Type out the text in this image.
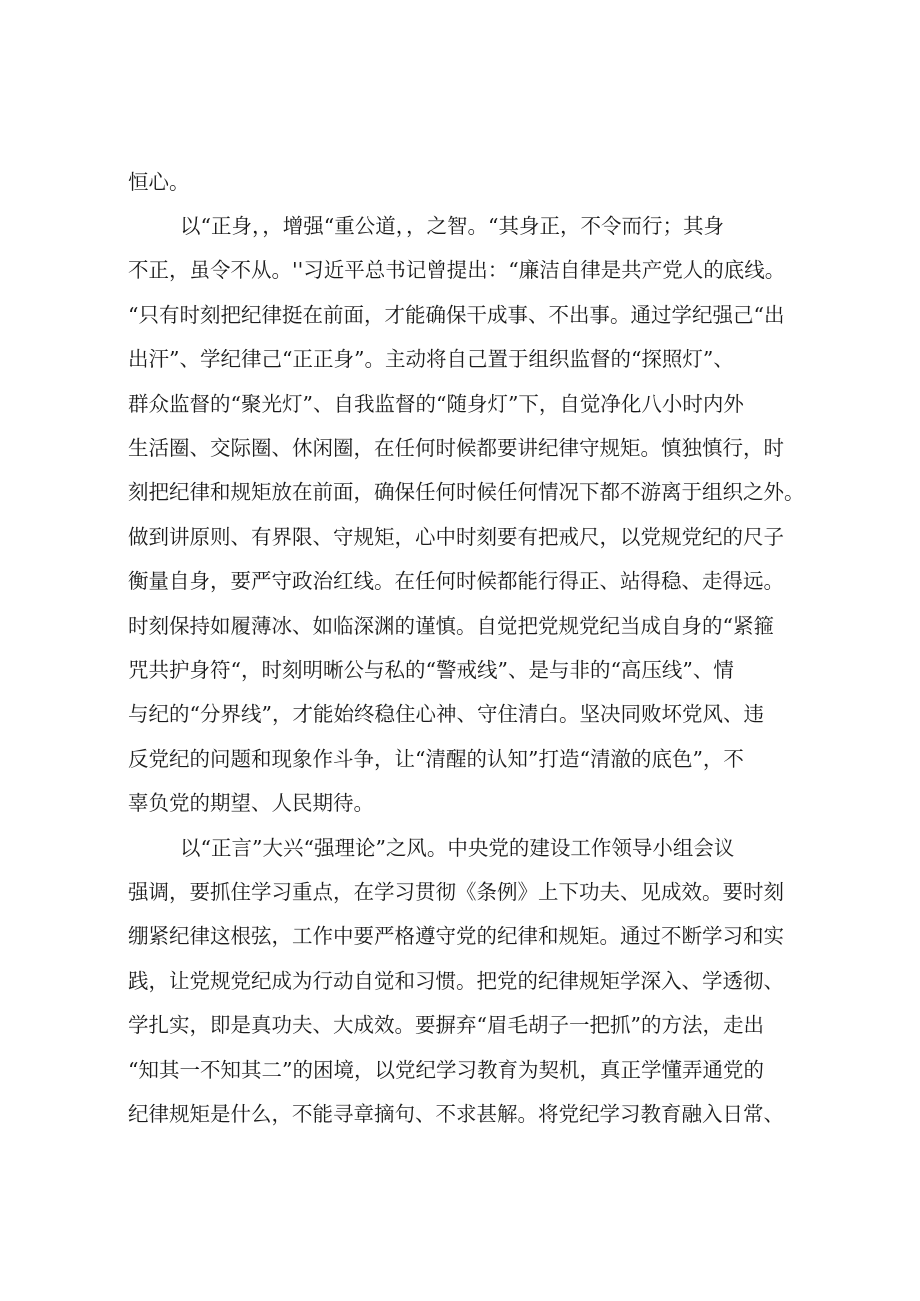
恒心。
以“正身，，增强“重公道，，之智。“其身正，不令而行；其身
不正，虽令不从。''习近平总书记曾提出：“廉洁自律是共产党人的底线。
“只有时刻把纪律挺在前面，才能确保干成事、不出事。通过学纪强己“出
出汗”、学纪律己“正正身”。主动将自己置于组织监督的“探照灯”、
群众监督的“聚光灯”、自我监督的“随身灯”下，自觉净化八小时内外
生活圈、交际圈、休闲圈，在任何时候都要讲纪律守规矩。慎独慎行，时
刻把纪律和规矩放在前面，确保任何时候任何情况下都不游离于组织之外。
做到讲原则、有界限、守规矩，心中时刻要有把戒尺，以党规党纪的尺子
衡量自身，要严守政治红线。在任何时候都能行得正、站得稳、走得远。
时刻保持如履薄冰、如临深渊的谨慎。自觉把党规党纪当成自身的“紧箍
咒共护身符“，时刻明晰公与私的“警戒线”、是与非的“高压线”、情
与纪的“分界线”，才能始终稳住心神、守住清白。坚决同败坏党风、违
反党纪的问题和现象作斗争，让“清醒的认知”打造“清澈的底色”，不
辜负党的期望、人民期待。
以“正言”大兴“强理论”之风。中央党的建设工作领导小组会议
强调，要抓住学习重点，在学习贯彻《条例》上下功夫、见成效。要时刻
绷紧纪律这根弦，工作中要严格遵守党的纪律和规矩。通过不断学习和实
践，让党规党纪成为行动自觉和习惯。把党的纪律规矩学深入、学透彻、
学扎实，即是真功夫、大成效。要摒弃“眉毛胡子一把抓”的方法，走出
“知其一不知其二”的困境，以党纪学习教育为契机，真正学懂弄通党的
纪律规矩是什么，不能寻章摘句、不求甚解。将党纪学习教育融入日常、
